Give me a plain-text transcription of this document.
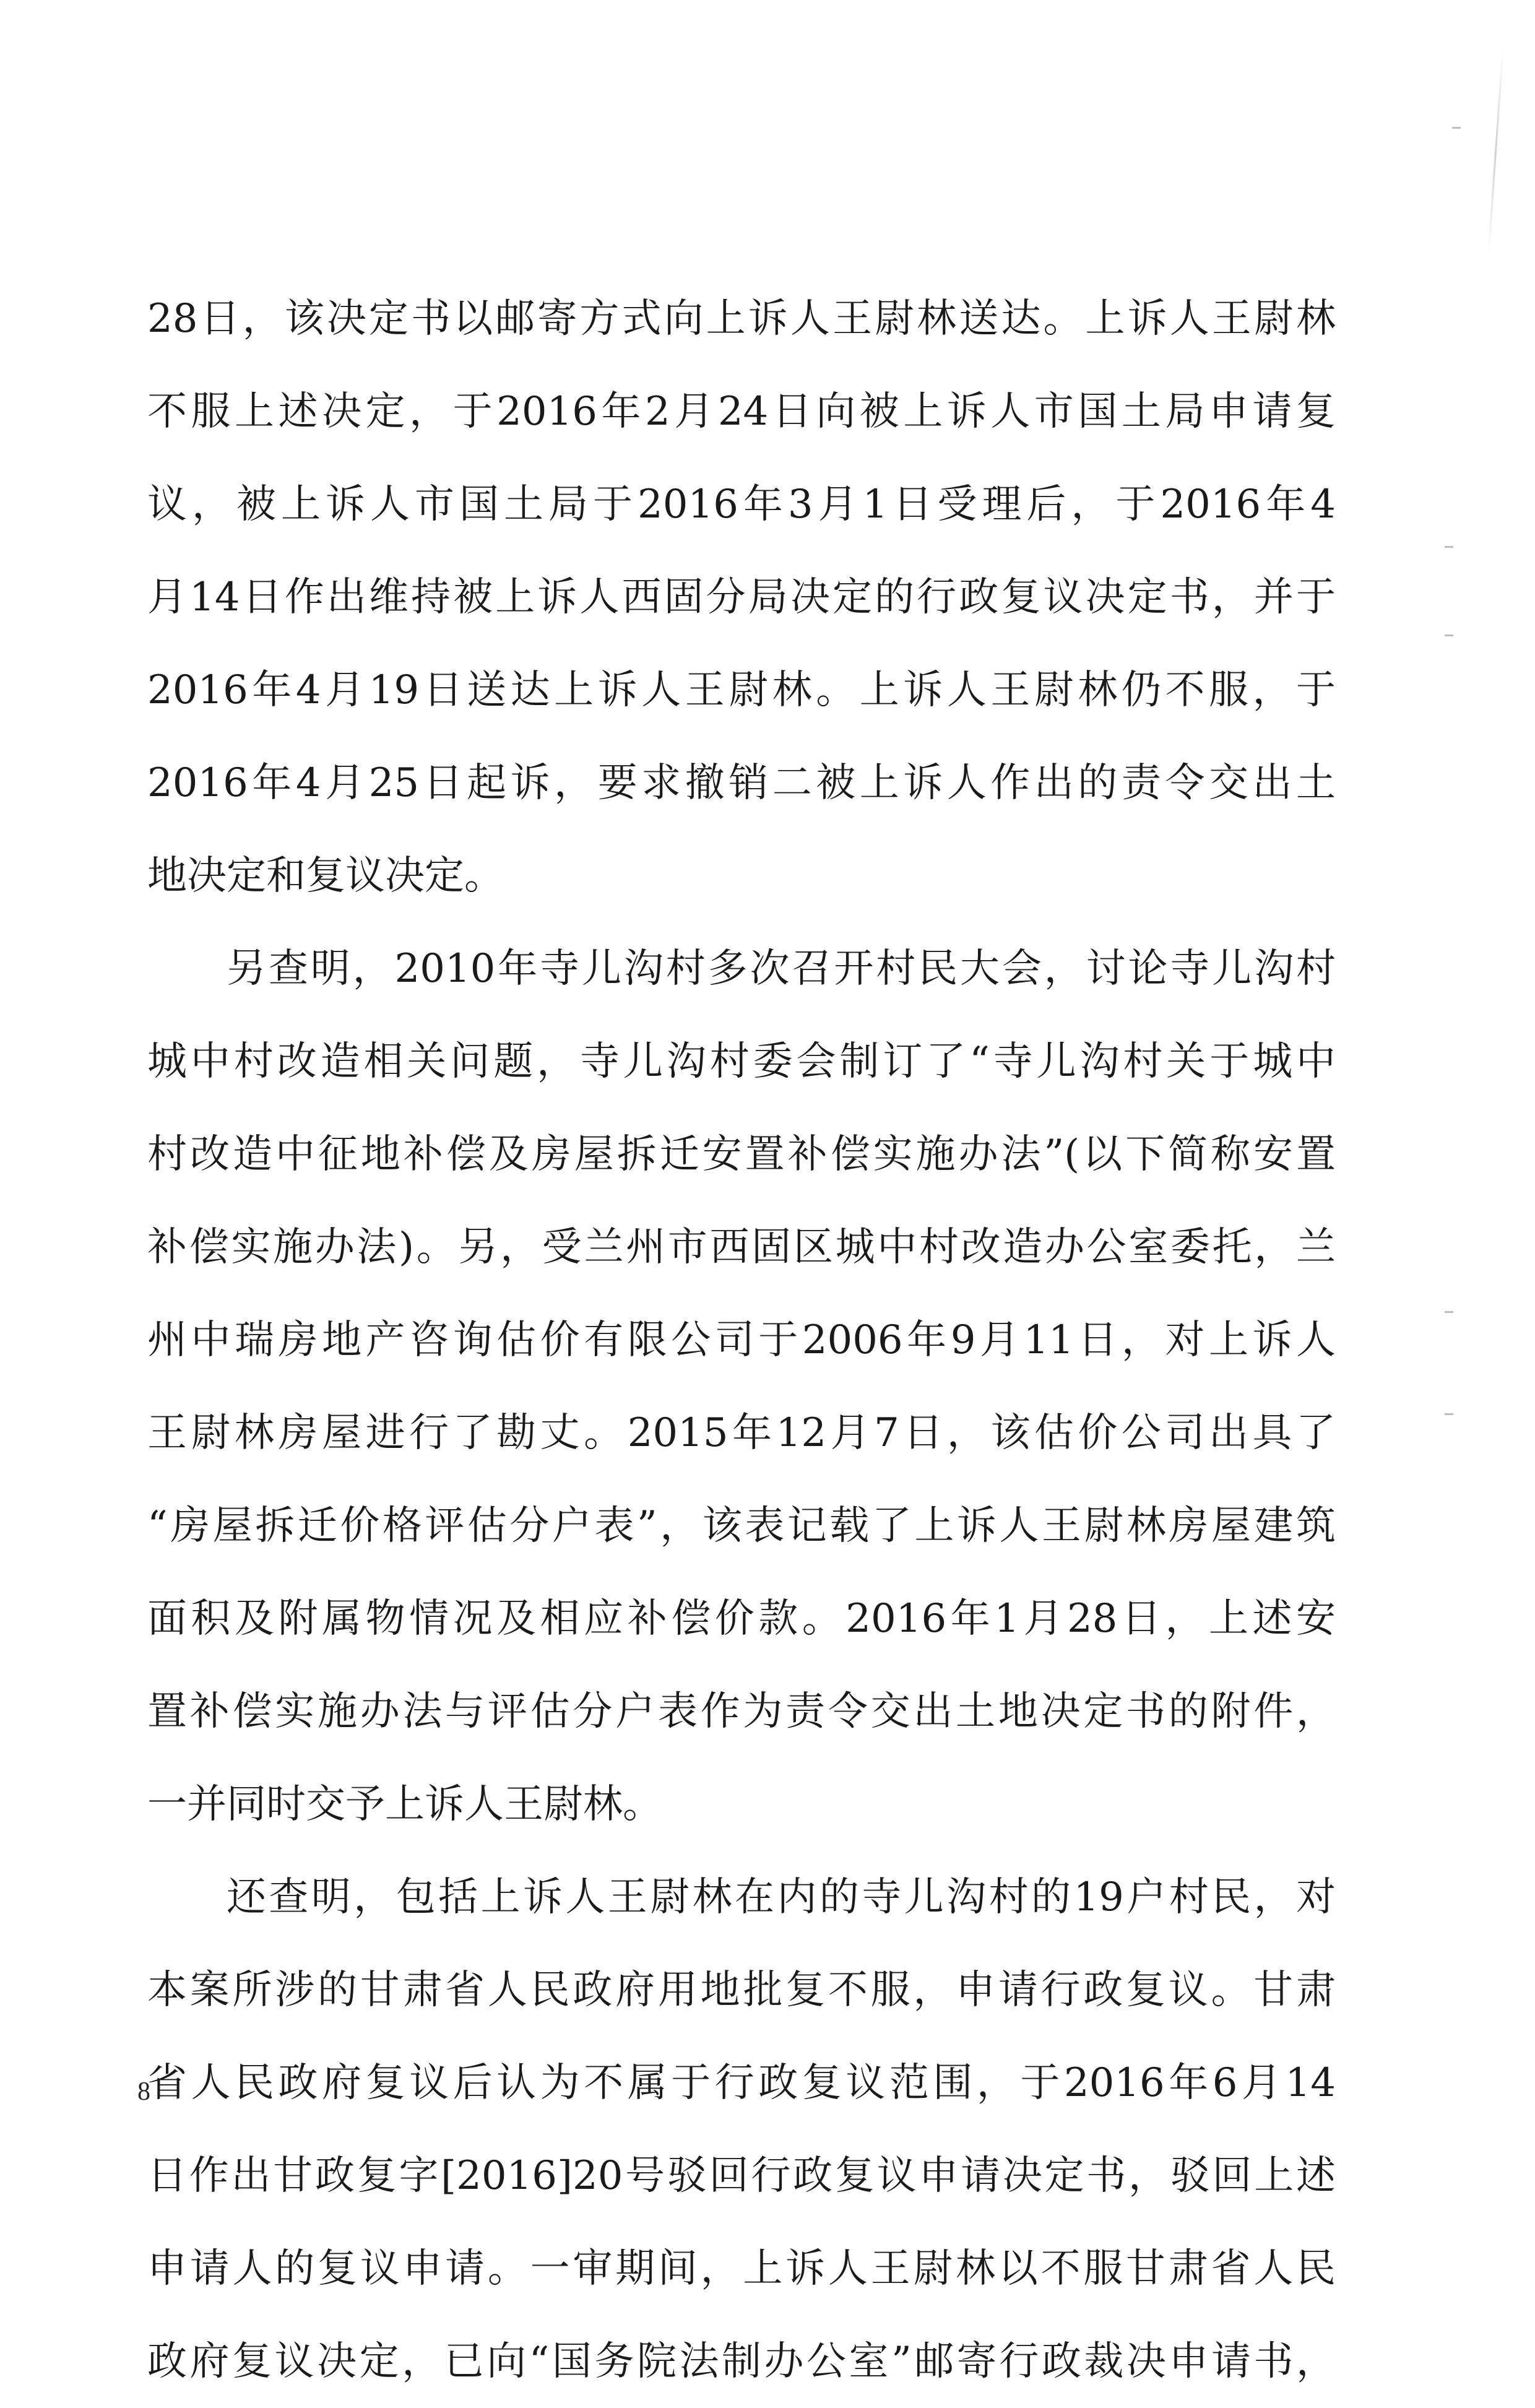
28日，该决定书以邮寄方式向上诉人王尉林送达。上诉人王尉林
不服上述决定，于2016年2月24日向被上诉人市国土局申请复
议，被上诉人市国土局于2016年3月1日受理后，于2016年4
月14日作出维持被上诉人西固分局决定的行政复议决定书，并于
2016年4月19日送达上诉人王尉林。上诉人王尉林仍不服，于
2016年4月25日起诉，要求撤销二被上诉人作出的责令交出土
地决定和复议决定。
另查明，2010年寺儿沟村多次召开村民大会，讨论寺儿沟村
城中村改造相关问题，寺儿沟村委会制订了“寺儿沟村关于城中
村改造中征地补偿及房屋拆迁安置补偿实施办法”(以下简称安置
补偿实施办法)。另，受兰州市西固区城中村改造办公室委托，兰
州中瑞房地产咨询估价有限公司于2006年9月11日，对上诉人
王尉林房屋进行了勘丈。2015年12月7日，该估价公司出具了
“房屋拆迁价格评估分户表”，该表记载了上诉人王尉林房屋建筑
面积及附属物情况及相应补偿价款。2016年1月28日，上述安
置补偿实施办法与评估分户表作为责令交出土地决定书的附件，
一并同时交予上诉人王尉林。
还查明，包括上诉人王尉林在内的寺儿沟村的19户村民，对
本案所涉的甘肃省人民政府用地批复不服，申请行政复议。甘肃
省人民政府复议后认为不属于行政复议范围，于2016年6月14
日作出甘政复字[2016]20号驳回行政复议申请决定书，驳回上述
申请人的复议申请。一审期间，上诉人王尉林以不服甘肃省人民
政府复议决定，已向“国务院法制办公室”邮寄行政裁决申请书，
8
